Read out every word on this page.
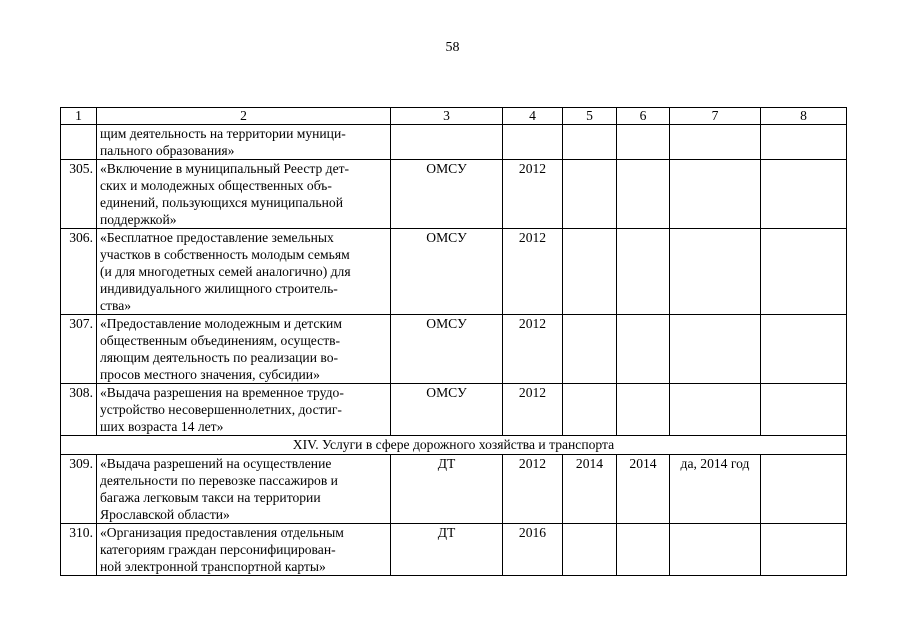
58
1	2	3	4	5	6	7	8

	щим деятельность на территории муници-
пального образования»						

305.	«Включение в муниципальный Реестр дет-
ских и молодежных общественных объ-
единений, пользующихся муниципальной
поддержкой»	ОМСУ	2012				
306.	«Бесплатное предоставление земельных
участков в собственность молодым семьям
(и для многодетных семей аналогично) для
индивидуального жилищного строитель-
ства»	ОМСУ	2012				
307.	«Предоставление молодежным и детским
общественным объединениям, осуществ-
ляющим деятельность по реализации во-
просов местного значения, субсидии»	ОМСУ	2012				
308.	«Выдача разрешения на временное трудо-
устройство несовершеннолетних, достиг-
ших возраста 14 лет»	ОМСУ	2012				
XIV. Услуги в сфере дорожного хозяйства и транспорта							
309.	«Выдача разрешений на осуществление
деятельности по перевозке пассажиров и
багажа легковым такси на территории
Ярославской области»	ДТ	2012	2014	2014	да, 2014 год	
310.	«Организация предоставления отдельным
категориям граждан персонифицирован-
ной электронной транспортной карты»	ДТ	2016				
